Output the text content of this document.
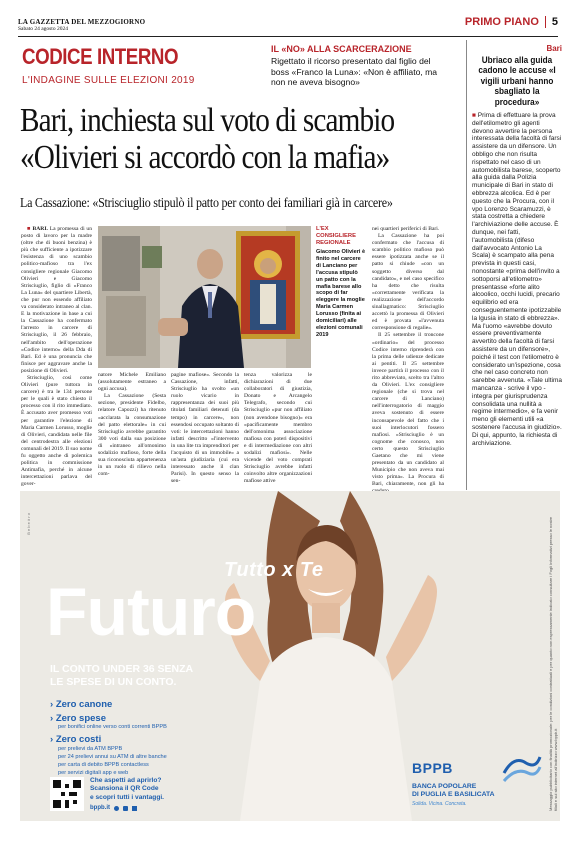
LA GAZZETTA DEL MEZZOGIORNO
Sabato 24 agosto 2024
PRIMO PIANO 5
CODICE INTERNO
L'INDAGINE SULLE ELEZIONI 2019
IL «NO» ALLA SCARCERAZIONE
Rigettato il ricorso presentato dal figlio del boss «Franco la Luna»: «Non è affiliato, ma non ne aveva bisogno»
Bari, inchiesta sul voto di scambio
«Olivieri si accordò con la mafia»
La Cassazione: «Strisciuglio stipulò il patto per conto dei familiari già in carcere»

■ BARI. La promessa di un posto di lavoro per la madre (oltre che di buoni benzina) è più che sufficiente a ipotizzare l'esistenza di uno scambio politico-mafioso tra l'ex consigliere regionale Giacomo Olivieri e Giacomo Strisciuglio, figlio di «Franco La Luna» del quartiere Libertà, che pur non essendo affiliato va considerato intraneo al clan. E la motivazione in base a cui la Cassazione ha confermato l'arresto in carcere di Strisciuglio, il 26 febbraio, nell'ambito dell'operazione «Codice interno» della Dda di Bari. Ed è una pronuncia che finisce per aggravare anche la posizione di Olivieri.

Strisciuglio, così come Olivieri (pure tuttora in carcere) è tra le 134 persone per le quali è stato chiesto il processo con il rito immediato. È accusato aver promesso voti per garantire l'elezione di Maria Carmen Lorusso, moglie di Olivieri, candidata nelle file del centrodestra alle elezioni comunali del 2019. Il suo nome fu oggetto anche di polemica politica in commissione Antimafia, perché in alcune intercettazioni parlava del gover-

L'EX CONSIGLIERE REGIONALE
Giacomo Olivieri è finito nel carcere di Lanciano per l'accusa stipulò un patto con la mafia barese allo scopo di far eleggere la moglie Maria Carmen Lorusso (finita ai domiciliari) alle elezioni comunali 2019

natore Michele Emiliano (assolutamente estraneo a ogni accusa).

La Cassazione (Sesta sezione, presidente Fidelbo, relatore Capozzi) ha ritenuto «acclarata la consumazione del patto elettorale» in cui Strisciuglio avrebbe garantito 300 voti dalla sua posizione di «intraneo all'omonimo sodalizio mafioso, forte della sua riconosciuta appartenenza in un ruolo di rilievo nella com-

pagine mafiose». Secondo la Cassazione, infatti, Strisciuglio ha svolto «un ruolo vicario in rappresentanza dei suoi più titolati familiari detenuti (da tempo) in carcere», non essendosi occupato soltanto di voti: le intercettazioni hanno infatti descritto «l'intervento in una lite tra imprenditori per l'acquisto di un immobile» a un'asta giudiziaria (cui era interessato anche il clan Parisi). In questo senso la sen-

tenza valorizza le dichiarazioni di due collaboratori di giustizia, Donato e Arcangelo Telegrafo, secondo cui Strisciuglio «pur non affiliato (non avendone bisogno)» era «pacificamente membro dell'omonima associazione mafiosa con poteri dispositivi e di intermediazione con altri sodalizi mafiosi». Nelle vicende del voto comprati Strisciuglio avrebbe infatti coinvolto altre organizzazioni mafiose attive

nei quartieri periferici di Bari.

La Cassazione ha poi confermato che l'accusa di scambio politico mafioso può essere ipotizzata anche se il patto si chiude «con un soggetto diverso dal candidato», e nel caso specifico ha detto che risulta «correttamente verificata la realizzazione dell'accordo sinallagmatico: Strisciuglio accettò la promessa di Olivieri ed è provata «l'avvenuta corresponsione di regalie».

Il 25 settembre il troncone «ordinario» del processo Codice interno riprenderà con la prima delle udienze dedicate ai pentiti. Il 25 settembre invece partirà il processo con il rito abbreviato, scelto tra l'altro da Olivieri. L'ex consigliere regionale (che si trova nel carcere di Lanciano) nell'interrogatorio di maggio aveva sostenuto di essere inconsapevole del fatto che i suoi interlocutori fossero mafiosi. «Strisciuglio è un cognome che conosco, non certo questo Strisciuglio Gaetano che mi viene presentato da un candidato al Municipio che non aveva mai visto prima». La Procura di Bari, chiaramente, non gli ha

Bari
Ubriaco alla guida cadono le accuse «I vigili urbani hanno sbagliato la procedura»
■ Prima di effettuare la prova dell'etilometro gli agenti devono avvertire la persona interessata della facoltà di farsi assistere da un difensore. Un obbligo che non risulta rispettato nel caso di un automobilista barese, scoperto alla guida dalla Polizia municipale di Bari in stato di ebbrezza alcolica. Ed è per questo che la Procura, con il vpo Lorenzo Scaramuzzi, è stata costretta a chiedere l'archiviazione delle accuse. È dunque, nei fatti, l'automobilista (difeso dall'avvocato Antonio La Scala) è scampato alla pena prevista in questi casi, nonostante «prima dell'invito a sottoporsi all'etilometro» presentasse «forte alito alcoolico, occhi lucidi, precario equilibrio ed era conseguentemente ipotizzabile la lgusia in stato di ebbrezza». Ma l'uomo «avrebbe dovuto essere preventivamente avvertito della facoltà di farsi assistere da un difensore», poiché il test con l'etilometro è considerato un'ispezione, cosa che nel caso concreto non sarebbe avvenuta. «Tale ultima mancanza - scrive il vpo - integra per giurisprudenza consolidata una nullità a regime intermedio», e fa venir meno gli elementi utili «a sostenere l'accusa in giudizio». Di qui, appunto, la richiesta di archiviazione.
B e b e ö r o
Tutto x Te
Futuro
IL CONTO UNDER 36 SENZA
LE SPESE DI UN CONTO.
› Zero canone
› Zero spese
per bonifici online verso conti correnti BPPB
› Zero costi
per prelievi da ATM BPPB
per 24 prelievi annui su ATM di altre banche
per carta di debito BPPB contactless
per servizi digitali app e web
Che aspetti ad aprirlo?
Scansiona il QR Code
e scopri tutti i vantaggi.
bppb.it
BPPB
BANCA POPOLARE
DI PUGLIA E BASILICATA
Solida. Vicina. Concreta.	Messaggio pubblicitario con finalità promozionale: per le condizioni contrattuali e per quanto non espressamente indicato consultare i Fogli Informativi presso le nostre filiali e sul sito internet all'indirizzo www.bppb.it
